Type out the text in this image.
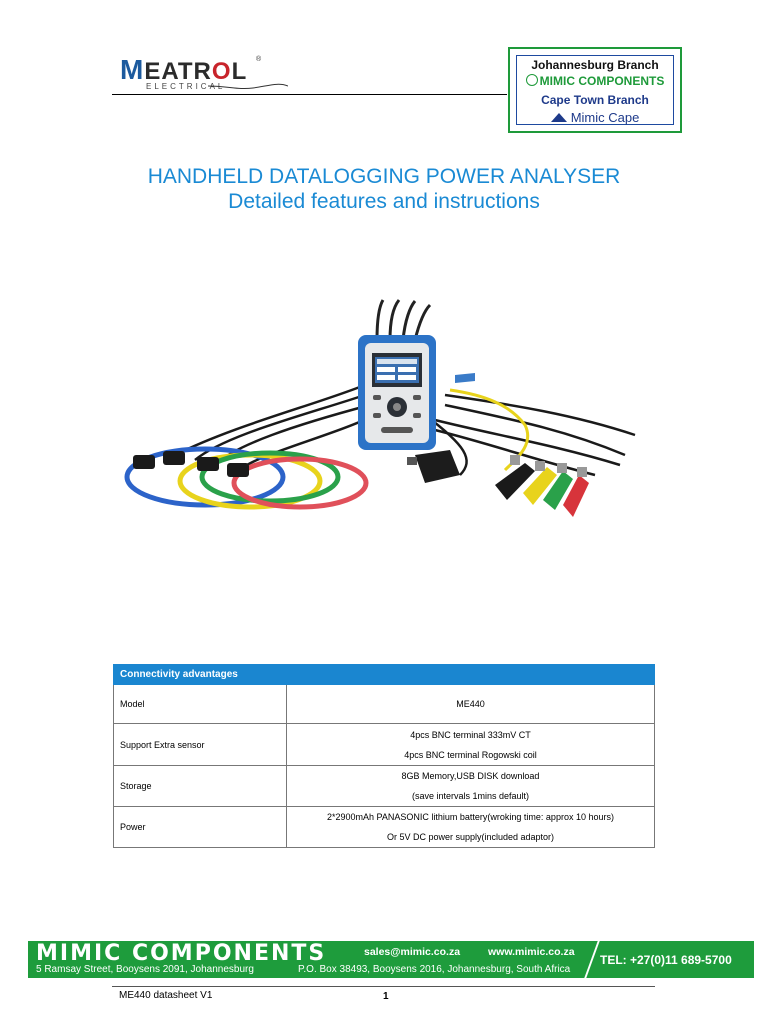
MEATROL	®
ELECTRICAL
Johannesburg Branch
MIMIC COMPONENTS
Cape Town Branch
Mimic Cape
HANDHELD DATALOGGING POWER ANALYSER
Detailed features and instructions
Connectivity advantages	
Model	ME440

Support Extra sensor	4pcs BNC terminal 333mV CT
4pcs BNC terminal Rogowski coil

Storage	8GB Memory,USB DISK download
(save intervals 1mins default)

Power	2*2900mAh PANASONIC lithium battery(wroking time: approx 10 hours)
Or 5V DC power supply(included adaptor)
MIMIC COMPONENTS
5 Ramsay Street, Booysens 2091, Johannesburg
sales@mimic.co.za	www.mimic.co.za
P.O. Box 38493, Booysens 2016, Johannesburg, South Africa
TEL: +27(0)11 689-5700
ME440 datasheet V1	1
